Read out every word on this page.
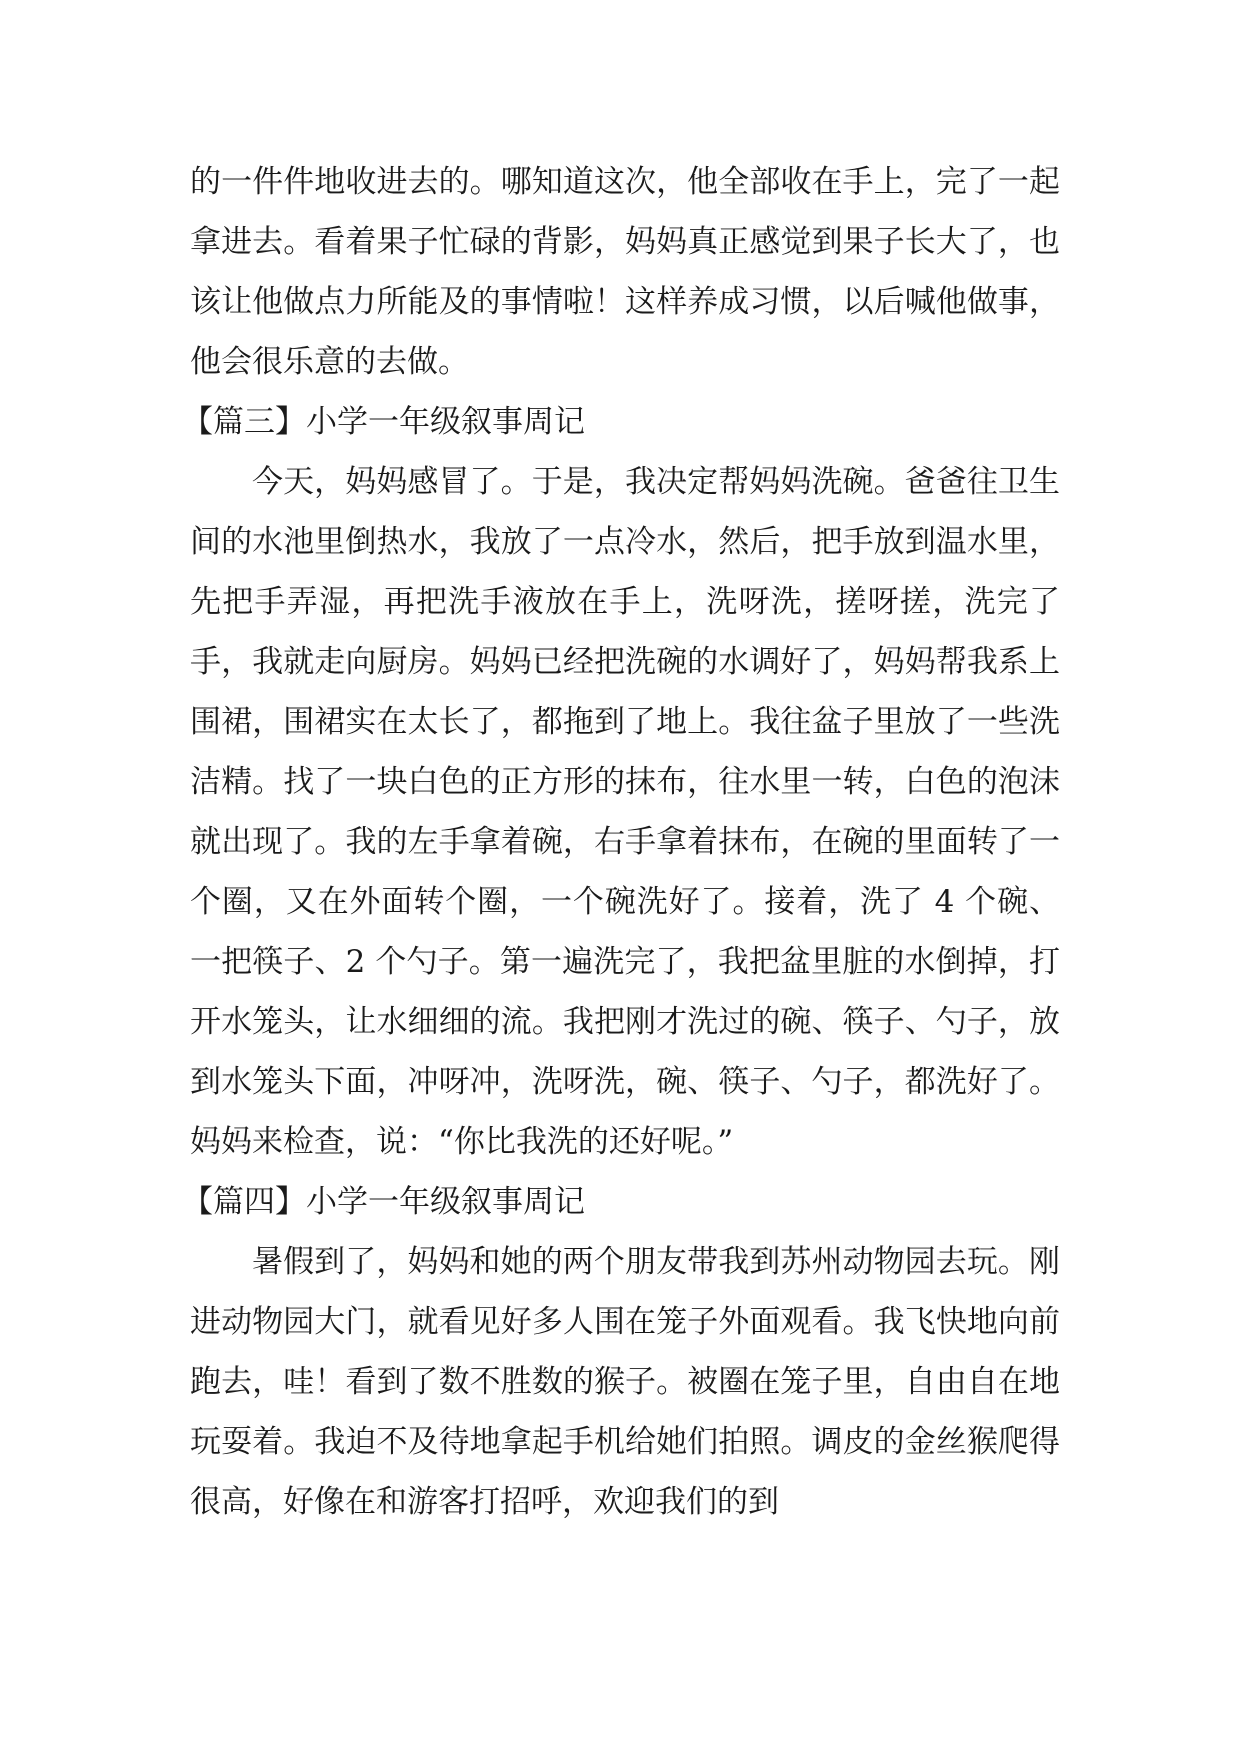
的一件件地收进去的。哪知道这次，他全部收在手上，完了一起拿进去。看着果子忙碌的背影，妈妈真正感觉到果子长大了，也该让他做点力所能及的事情啦！这样养成习惯，以后喊他做事，他会很乐意的去做。

【篇三】小学一年级叙事周记

今天，妈妈感冒了。于是，我决定帮妈妈洗碗。爸爸往卫生间的水池里倒热水，我放了一点冷水，然后，把手放到温水里，先把手弄湿，再把洗手液放在手上，洗呀洗，搓呀搓，洗完了手，我就走向厨房。妈妈已经把洗碗的水调好了，妈妈帮我系上围裙，围裙实在太长了，都拖到了地上。我往盆子里放了一些洗洁精。找了一块白色的正方形的抹布，往水里一转，白色的泡沫就出现了。我的左手拿着碗，右手拿着抹布，在碗的里面转了一个圈，又在外面转个圈，一个碗洗好了。接着，洗了 4 个碗、一把筷子、2 个勺子。第一遍洗完了，我把盆里脏的水倒掉，打开水笼头，让水细细的流。我把刚才洗过的碗、筷子、勺子，放到水笼头下面，冲呀冲，洗呀洗，碗、筷子、勺子，都洗好了。妈妈来检查，说：“你比我洗的还好呢。”

【篇四】小学一年级叙事周记

暑假到了，妈妈和她的两个朋友带我到苏州动物园去玩。刚进动物园大门，就看见好多人围在笼子外面观看。我飞快地向前跑去，哇！看到了数不胜数的猴子。被圈在笼子里，自由自在地玩耍着。我迫不及待地拿起手机给她们拍照。调皮的金丝猴爬得很高，好像在和游客打招呼，欢迎我们的到
